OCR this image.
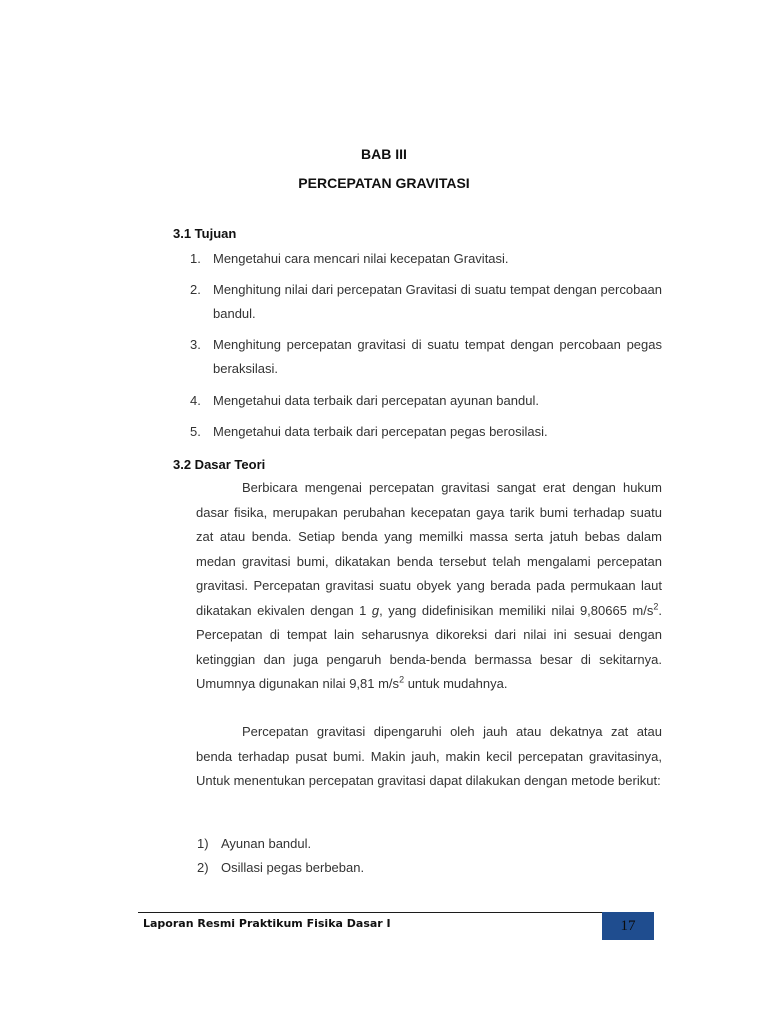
BAB III
PERCEPATAN GRAVITASI
3.1 Tujuan
1. Mengetahui cara mencari nilai kecepatan Gravitasi.
2. Menghitung nilai dari percepatan Gravitasi di suatu tempat dengan percobaan bandul.
3. Menghitung percepatan gravitasi di suatu tempat dengan percobaan pegas beraksilasi.
4. Mengetahui data terbaik dari percepatan ayunan bandul.
5. Mengetahui data terbaik dari percepatan pegas berosilasi.
3.2 Dasar Teori

Berbicara mengenai percepatan gravitasi sangat erat dengan hukum dasar fisika, merupakan perubahan kecepatan gaya tarik bumi terhadap suatu zat atau benda. Setiap benda yang memilki massa serta jatuh bebas dalam medan gravitasi bumi, dikatakan benda tersebut telah mengalami percepatan gravitasi. Percepatan gravitasi suatu obyek yang berada pada permukaan laut dikatakan ekivalen dengan 1 g, yang didefinisikan memiliki nilai 9,80665 $m/s^2$. Percepatan di tempat lain seharusnya dikoreksi dari nilai ini sesuai dengan ketinggian dan juga pengaruh benda-benda bermassa besar di sekitarnya. Umumnya digunakan nilai 9,81 $m/s^2$ untuk mudahnya.

Percepatan gravitasi dipengaruhi oleh jauh atau dekatnya zat atau benda terhadap pusat bumi. Makin jauh, makin kecil percepatan gravitasinya, Untuk menentukan percepatan gravitasi dapat dilakukan dengan metode berikut:

1) Ayunan bandul.
2) Osillasi pegas berbeban.
Laporan Resmi Praktikum Fisika Dasar I	17
